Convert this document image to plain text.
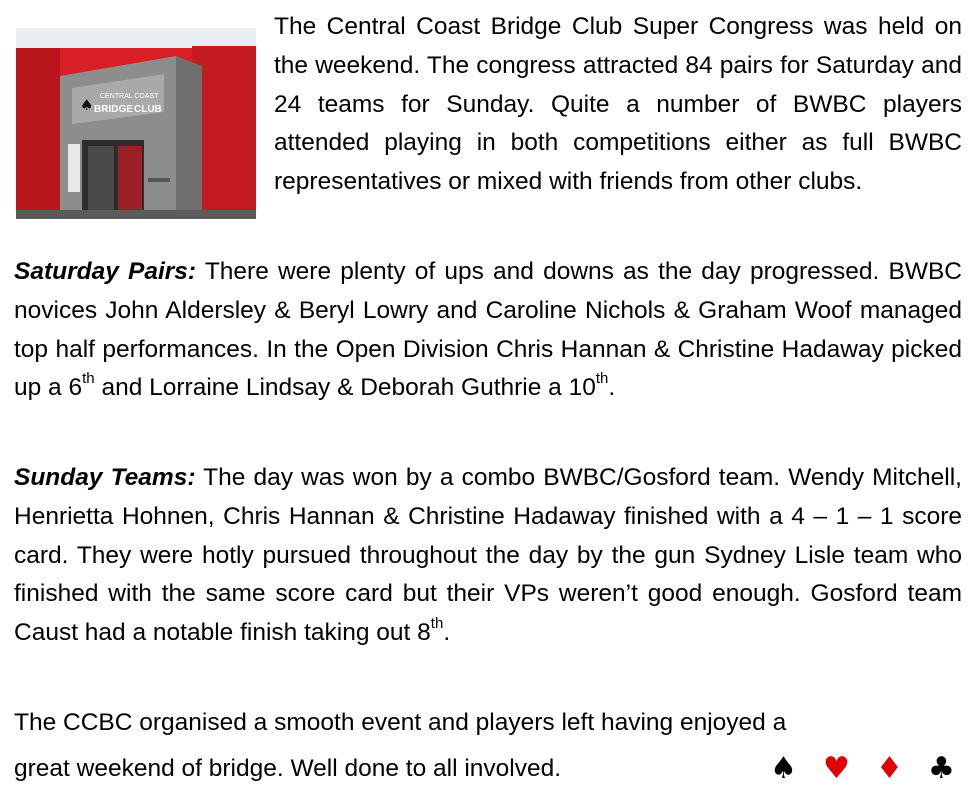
♠ CENTRAL COAST
BRIDGE CLUB

The Central Coast Bridge Club Super Congress was held on the weekend. The congress attracted 84 pairs for Saturday and 24 teams for Sunday. Quite a number of BWBC players attended playing in both competitions either as full BWBC representatives or mixed with friends from other clubs.

Saturday Pairs: There were plenty of ups and downs as the day progressed. BWBC novices John Aldersley & Beryl Lowry and Caroline Nichols & Graham Woof managed top half performances. In the Open Division Chris Hannan & Christine Hadaway picked up a 6th and Lorraine Lindsay & Deborah Guthrie a 10th.

Sunday Teams: The day was won by a combo BWBC/Gosford team. Wendy Mitchell, Henrietta Hohnen, Chris Hannan & Christine Hadaway finished with a 4 – 1 – 1 score card. They were hotly pursued throughout the day by the gun Sydney Lisle team who finished with the same score card but their VPs weren’t good enough. Gosford team Caust had a notable finish taking out 8th.

The CCBC organised a smooth event and players left having enjoyed a

great weekend of bridge. Well done to all involved.	♠ ♥ ♦ ♣
